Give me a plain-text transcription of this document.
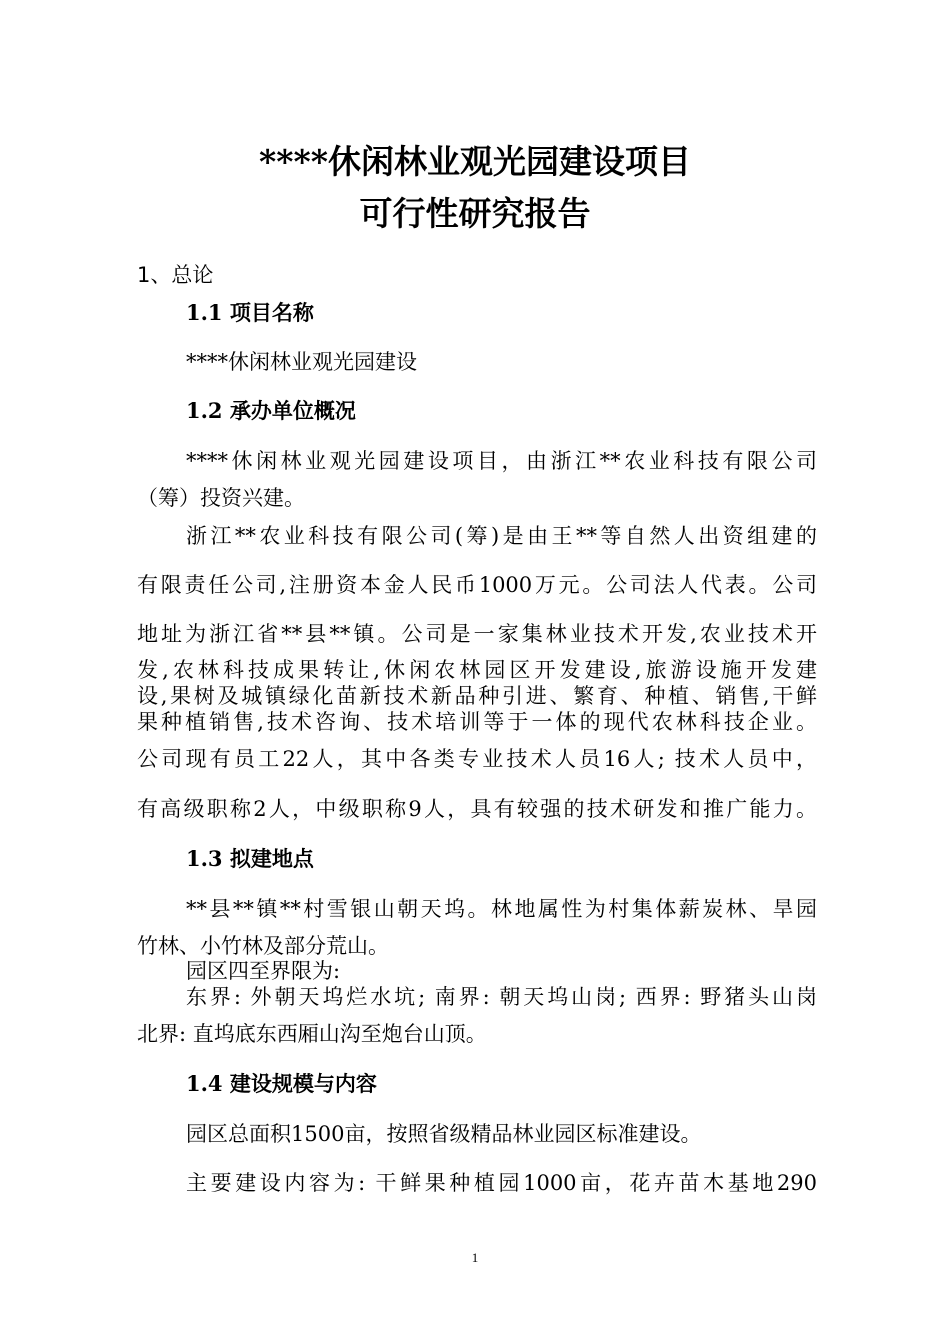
****休闲林业观光园建设项目
可行性研究报告
1、总论
1.1 项目名称
****休闲林业观光园建设
1.2 承办单位概况
****休闲林业观光园建设项目，由浙江**农业科技有限公司
（筹）投资兴建。
浙江**农业科技有限公司(筹)是由王**等自然人出资组建的
有限责任公司,注册资本金人民币1000万元。公司法人代表。公司
地址为浙江省**县**镇。公司是一家集林业技术开发,农业技术开
发,农林科技成果转让,休闲农林园区开发建设,旅游设施开发建
设,果树及城镇绿化苗新技术新品种引进、繁育、种植、销售,干鲜
果种植销售,技术咨询、技术培训等于一体的现代农林科技企业。
公司现有员工22人，其中各类专业技术人员16人; 技术人员中，
有高级职称2人，中级职称9人，具有较强的技术研发和推广能力。
1.3 拟建地点
**县**镇**村雪银山朝天坞。林地属性为村集体薪炭林、旱园
竹林、小竹林及部分荒山。
园区四至界限为:
东界: 外朝天坞烂水坑; 南界: 朝天坞山岗; 西界: 野猪头山岗
北界: 直坞底东西厢山沟至炮台山顶。
1.4 建设规模与内容
园区总面积1500亩，按照省级精品林业园区标准建设。
主要建设内容为: 干鲜果种植园1000亩，花卉苗木基地290
1
